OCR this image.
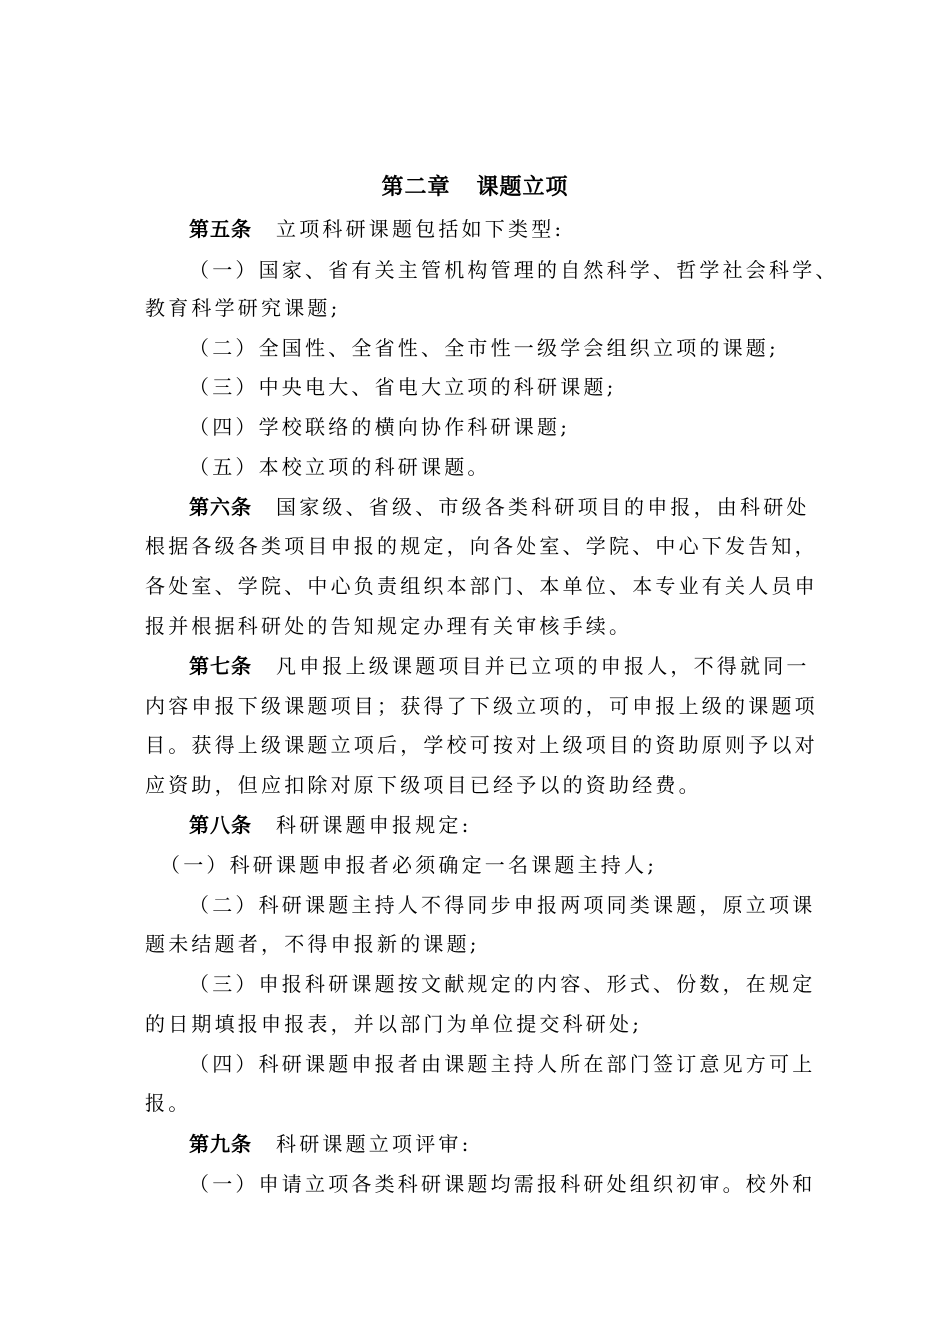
第二章 课题立项
第五条 立项科研课题包括如下类型:
（一）国家、省有关主管机构管理的自然科学、哲学社会科学、
教育科学研究课题;
（二）全国性、全省性、全市性一级学会组织立项的课题;
（三）中央电大、省电大立项的科研课题;
（四）学校联络的横向协作科研课题;
（五）本校立项的科研课题。
第六条 国家级、省级、市级各类科研项目的申报，由科研处
根据各级各类项目申报的规定，向各处室、学院、中心下发告知，
各处室、学院、中心负责组织本部门、本单位、本专业有关人员申
报并根据科研处的告知规定办理有关审核手续。
第七条 凡申报上级课题项目并已立项的申报人，不得就同一
内容申报下级课题项目；获得了下级立项的，可申报上级的课题项
目。获得上级课题立项后，学校可按对上级项目的资助原则予以对
应资助，但应扣除对原下级项目已经予以的资助经费。
第八条 科研课题申报规定:
（一）科研课题申报者必须确定一名课题主持人;
（二）科研课题主持人不得同步申报两项同类课题，原立项课
题未结题者，不得申报新的课题;
（三）申报科研课题按文献规定的内容、形式、份数，在规定
的日期填报申报表，并以部门为单位提交科研处;
（四）科研课题申报者由课题主持人所在部门签订意见方可上
报。
第九条 科研课题立项评审:
（一）申请立项各类科研课题均需报科研处组织初审。校外和
